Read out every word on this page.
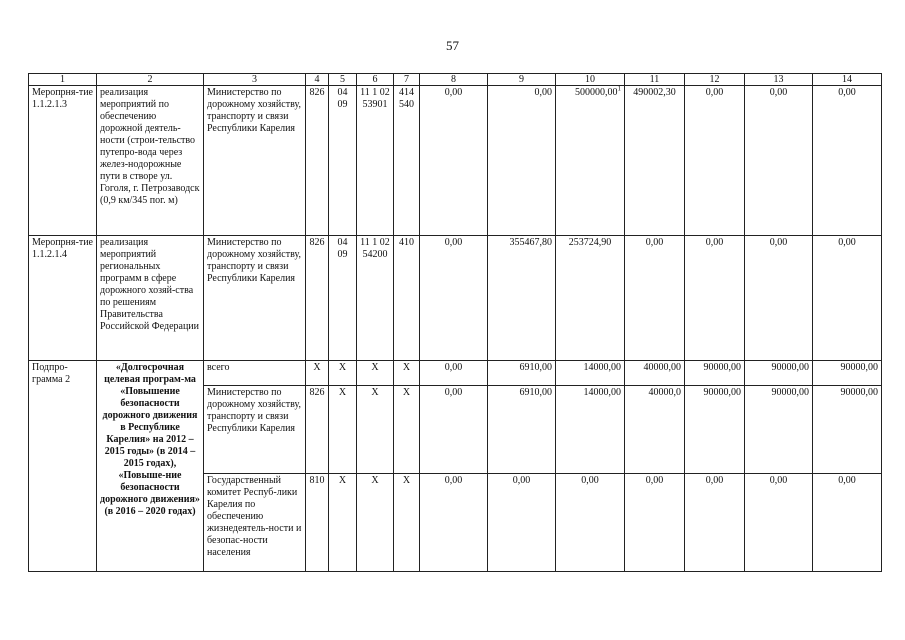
57
1	2	3	4	5	6	7	8	9	10	11	12	13	14
Меропрня-тие 1.1.2.1.3	реализация мероприятий по обеспечению дорожной деятель-ности (строи-тельство путепро-вода через желез-нодорожные пути в створе ул. Гоголя, г. Петрозаводск (0,9 км/345 пог. м)	Министерство по дорожному хозяйству, транспорту и связи Республики Карелия	826	04 09	11 1 02 53901	414 540	0,00	0,00	500000,00$^1$	490002,30	0,00	0,00	0,00
Меропрня-тие 1.1.2.1.4	реализация мероприятий региональных программ в сфере дорожного хозяй-ства по решениям Правительства Российской Федерации	Министерство по дорожному хозяйству, транспорту и связи Республики Карелия	826	04 09	11 1 02 54200	410	0,00	355467,80	253724,90	0,00	0,00	0,00	0,00
Подпро-грамма 2	«Долгосрочная целевая програм-ма «Повышение безопасности дорожного движения в Республике Карелия» на 2012 – 2015 годы» (в 2014 – 2015 годах), «Повыше-ние безопасности дорожного движения» (в 2016 – 2020 годах)	всего	X	X	X	X	0,00	6910,00	14000,00	40000,00	90000,00	90000,00	90000,00
		Министерство по дорожному хозяйству, транспорту и связи Республики Карелия	826	X	X	X	0,00	6910,00	14000,00	40000,0	90000,00	90000,00	90000,00
		Государственный комитет Респуб-лики Карелия по обеспечению жизнедеятель-ности и безопас-ности населения	810	X	X	X	0,00	0,00	0,00	0,00	0,00	0,00	0,00
